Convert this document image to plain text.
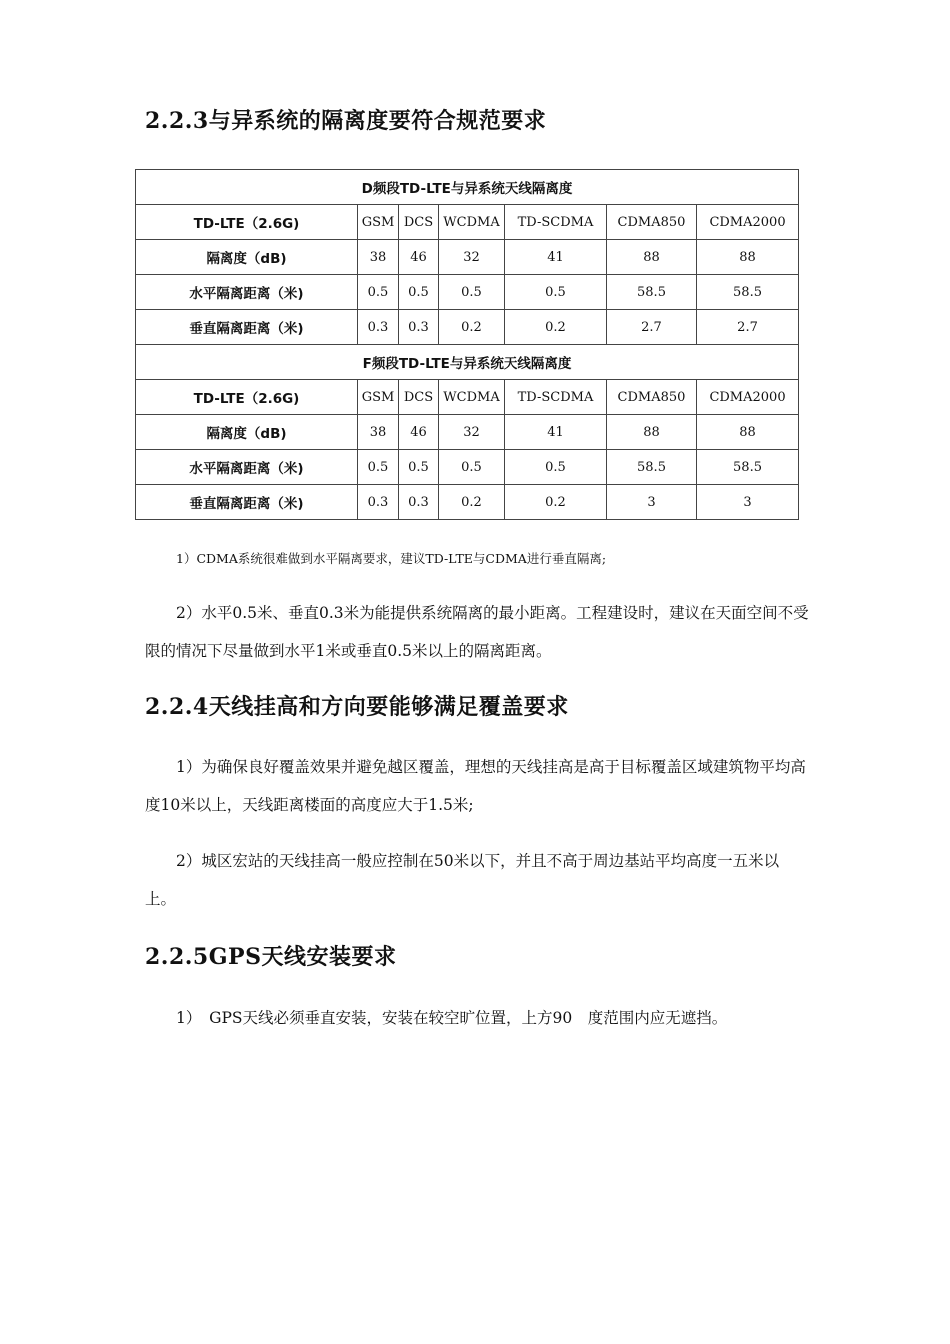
2.2.3与异系统的隔离度要符合规范要求
D频段TD-LTE与异系统天线隔离度						
TD-LTE（2.6G)	GSM	DCS	WCDMA	TD-SCDMA	CDMA850	CDMA2000
隔离度（dB)	38	46	32	41	88	88
水平隔离距离（米)	0.5	0.5	0.5	0.5	58.5	58.5
垂直隔离距离（米)	0.3	0.3	0.2	0.2	2.7	2.7
F频段TD-LTE与异系统天线隔离度						
TD-LTE（2.6G)	GSM	DCS	WCDMA	TD-SCDMA	CDMA850	CDMA2000
隔离度（dB)	38	46	32	41	88	88
水平隔离距离（米)	0.5	0.5	0.5	0.5	58.5	58.5
垂直隔离距离（米)	0.3	0.3	0.2	0.2	3	3

1）CDMA系统很难做到水平隔离要求，建议TD-LTE与CDMA进行垂直隔离;

2）水平0.5米、垂直0.3米为能提供系统隔离的最小距离。工程建设时，建议在天面空间不受限的情况下尽量做到水平1米或垂直0.5米以上的隔离距离。

2.2.4天线挂高和方向要能够满足覆盖要求

1）为确保良好覆盖效果并避免越区覆盖，理想的天线挂高是高于目标覆盖区域建筑物平均高度10米以上，天线距离楼面的高度应大于1.5米;

2）城区宏站的天线挂高一般应控制在50米以下，并且不高于周边基站平均高度一五米以上。

2.2.5GPS天线安装要求

1）　GPS天线必须垂直安装，安装在较空旷位置，上方90　度范围内应无遮挡。
